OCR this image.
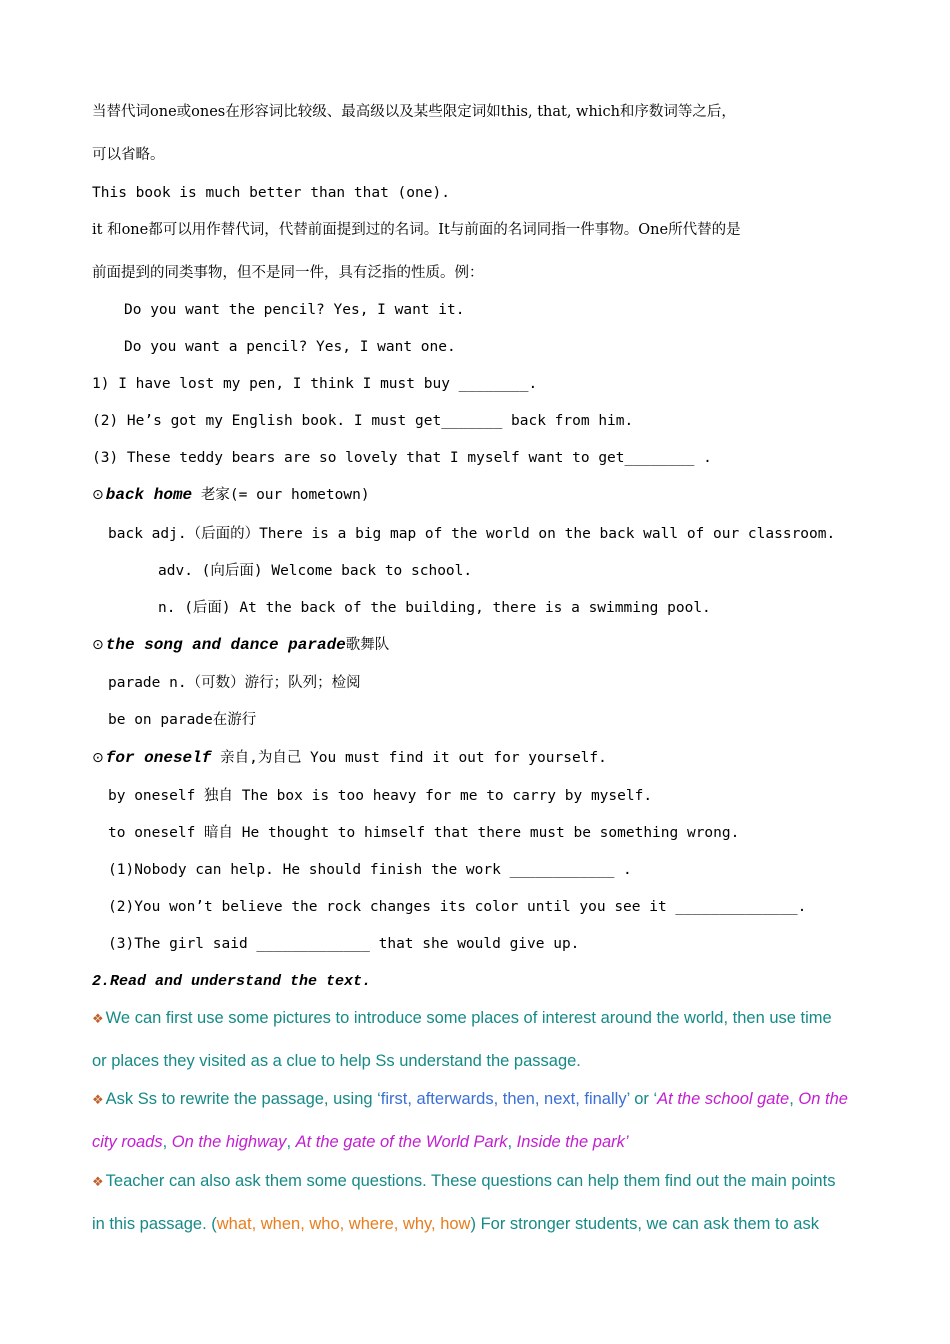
当替代词one或ones在形容词比较级、最高级以及某些限定词如this, that, which和序数词等之后，
可以省略。
This book is much better than that (one).
it 和one都可以用作替代词，代替前面提到过的名词。It与前面的名词同指一件事物。One所代替的是
前面提到的同类事物，但不是同一件，具有泛指的性质。例：
Do you want the pencil? Yes, I want it.
Do you want a pencil? Yes, I want one.
1) I have lost my pen, I think I must buy ________.
(2) He’s got my English book. I must get_______ back from him.
(3) These teddy bears are so lovely that I myself want to get________ .
⊙ back home 老家(= our hometown)
back adj.（后面的）There is a big map of the world on the back wall of our classroom.
adv. (向后面) Welcome back to school.
n. (后面) At the back of the building, there is a swimming pool.
⊙ the song and dance parade歌舞队
parade n.（可数）游行；队列；检阅
be on parade在游行
⊙ for oneself 亲自,为自己 You must find it out for yourself.
by oneself 独自 The box is too heavy for me to carry by myself.
to oneself 暗自 He thought to himself that there must be something wrong.
(1)Nobody can help. He should finish the work ____________ .
(2)You won’t believe the rock changes its color until you see it ______________.
(3)The girl said _____________ that she would give up.
2.Read and understand the text.
❖ We can first use some pictures to introduce some places of interest around the world, then use time
or places they visited as a clue to help Ss understand the passage.
❖ Ask Ss to rewrite the passage, using ‘first, afterwards, then, next, finally’ or ‘At the school gate, On the
city roads, On the highway, At the gate of the World Park, Inside the park’
❖ Teacher can also ask them some questions. These questions can help them find out the main points
in this passage. (what, when, who, where, why, how) For stronger students, we can ask them to ask
